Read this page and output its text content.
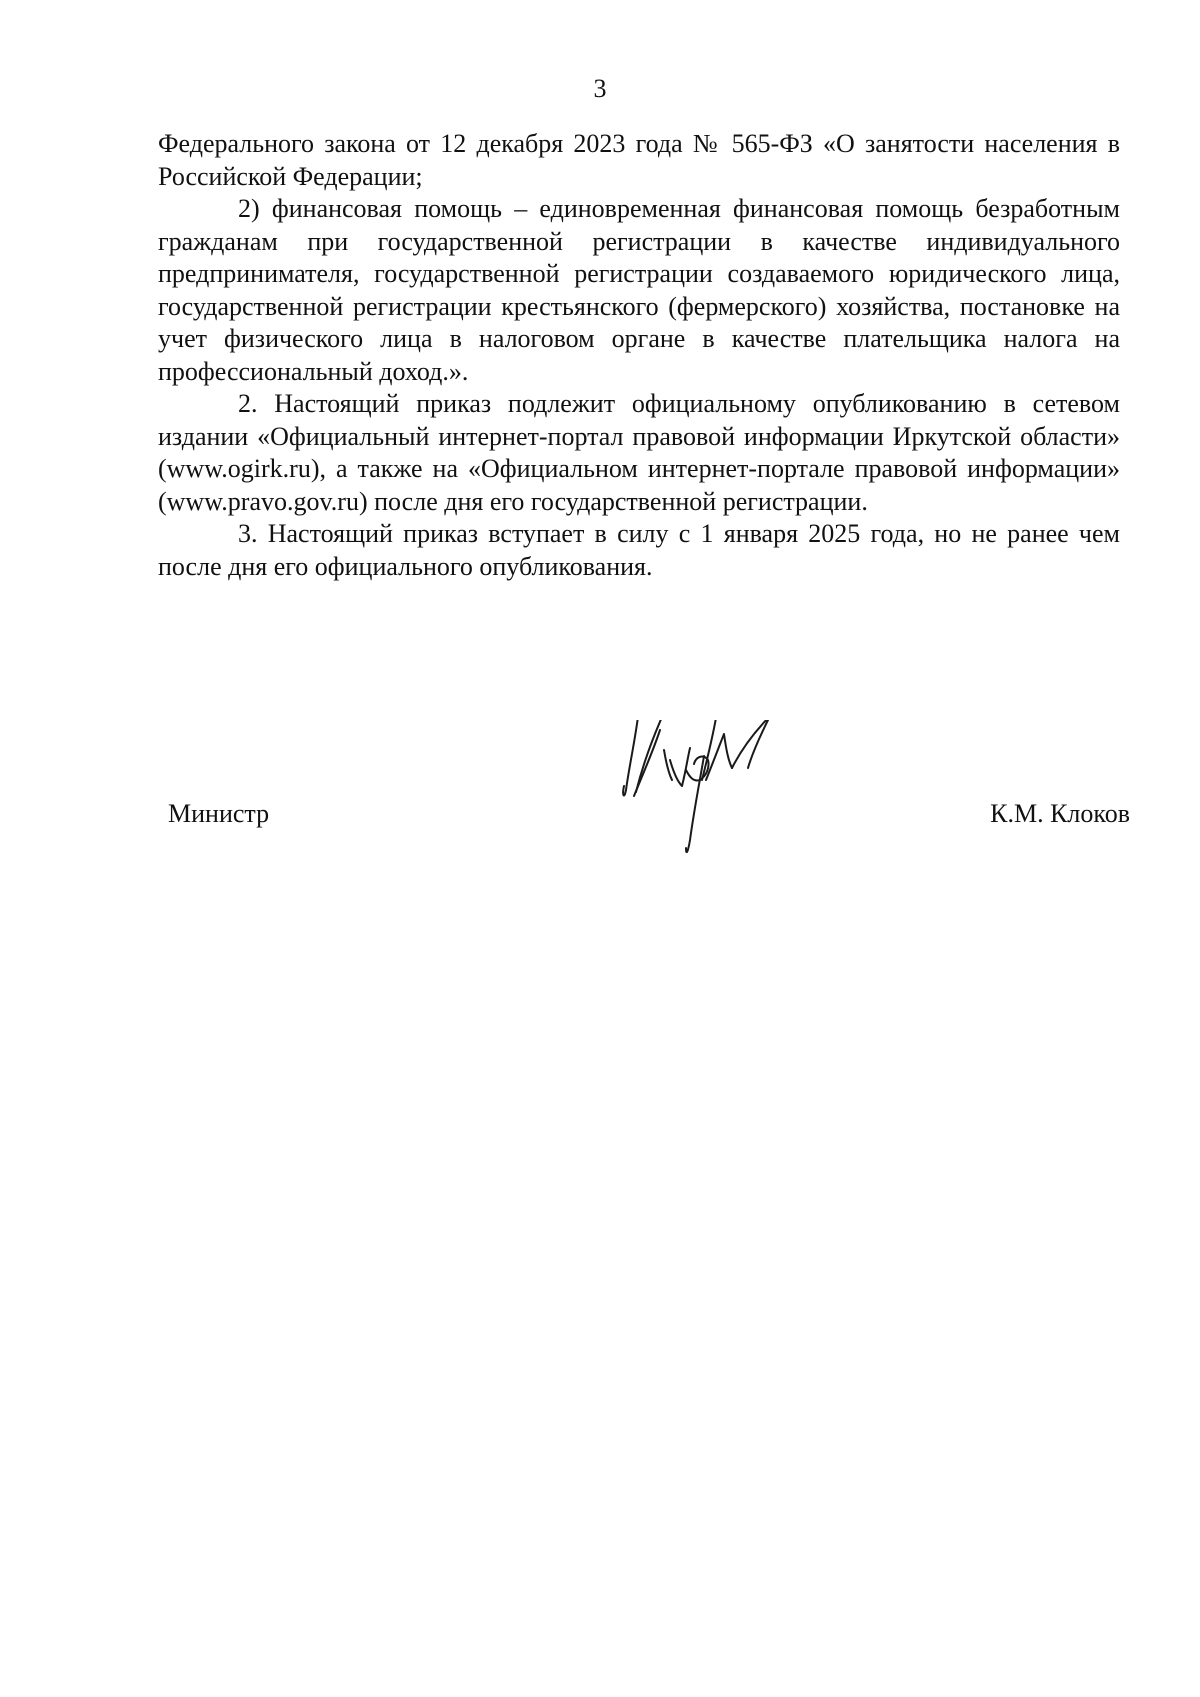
3

Федерального закона от 12 декабря 2023 года № 565-ФЗ «О занятости населения в Российской Федерации;

2) финансовая помощь – единовременная финансовая помощь безработным гражданам при государственной регистрации в качестве индивидуального предпринимателя, государственной регистрации создаваемого юридического лица, государственной регистрации крестьянского (фермерского) хозяйства, постановке на учет физического лица в налоговом органе в качестве плательщика налога на профессиональный доход.».

2. Настоящий приказ подлежит официальному опубликованию в сетевом издании «Официальный интернет-портал правовой информации Иркутской области» (www.ogirk.ru), а также на «Официальном интернет-портале правовой информации» (www.pravo.gov.ru) после дня его государственной регистрации.

3. Настоящий приказ вступает в силу с 1 января 2025 года, но не ранее чем после дня его официального опубликования.

Министр	К.М. Клоков
